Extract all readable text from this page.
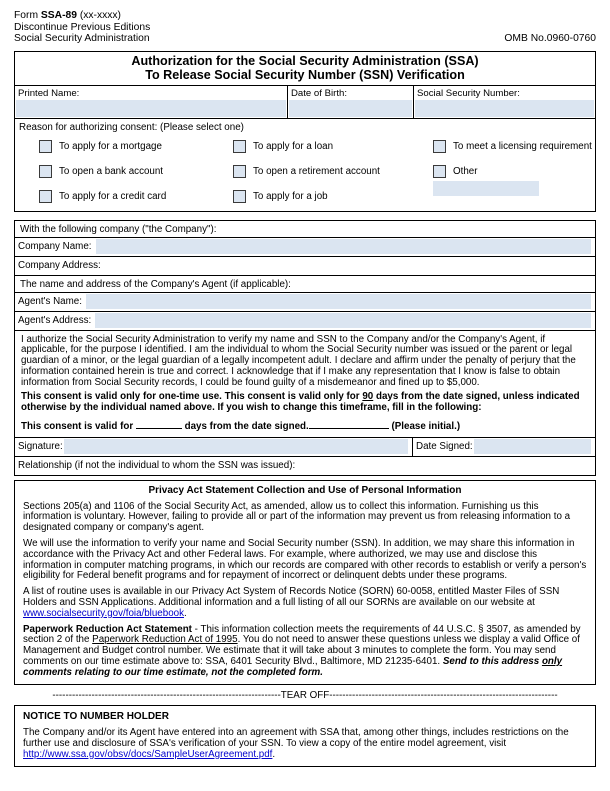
Form SSA-89 (xx-xxxx)
Discontinue Previous Editions
Social Security Administration	OMB No.0960-0760
Authorization for the Social Security Administration (SSA)
To Release Social Security Number (SSN) Verification
Printed Name:	Date of Birth:	Social Security Number:
Reason for authorizing consent: (Please select one)
To apply for a mortgage
To open a bank account
To apply for a credit card
To apply for a loan
To open a retirement account
To apply for a job
To meet a licensing requirement
Other
With the following company ("the Company"):
Company Name:
Company Address:
The name and address of the Company's Agent (if applicable):
Agent's Name:
Agent's Address:

I authorize the Social Security Administration to verify my name and SSN to the Company and/or the Company's Agent, if applicable, for the purpose I identified. I am the individual to whom the Social Security number was issued or the parent or legal guardian of a minor, or the legal guardian of a legally incompetent adult. I declare and affirm under the penalty of perjury that the information contained herein is true and correct. I acknowledge that if I make any representation that I know is false to obtain information from Social Security records, I could be found guilty of a misdemeanor and fined up to $5,000.

This consent is valid only for one-time use. This consent is valid only for 90 days from the date signed, unless indicated otherwise by the individual named above. If you wish to change this timeframe, fill in the following:

This consent is valid for	days from the date signed.	(Please initial.)
Signature:	Date Signed:
Relationship (if not the individual to whom the SSN was issued):
Privacy Act Statement Collection and Use of Personal Information

Sections 205(a) and 1106 of the Social Security Act, as amended, allow us to collect this information. Furnishing us this information is voluntary. However, failing to provide all or part of the information may prevent us from releasing information to a designated company or company's agent.

We will use the information to verify your name and Social Security number (SSN). In addition, we may share this information in accordance with the Privacy Act and other Federal laws. For example, where authorized, we may use and disclose this information in computer matching programs, in which our records are compared with other records to establish or verify a person's eligibility for Federal benefit programs and for repayment of incorrect or delinquent debts under these programs.

A list of routine uses is available in our Privacy Act System of Records Notice (SORN) 60-0058, entitled Master Files of SSN Holders and SSN Applications. Additional information and a full listing of all our SORNs are available on our website at www.socialsecurity.gov/foia/bluebook.

Paperwork Reduction Act Statement - This information collection meets the requirements of 44 U.S.C. § 3507, as amended by section 2 of the Paperwork Reduction Act of 1995. You do not need to answer these questions unless we display a valid Office of Management and Budget control number. We estimate that it will take about 3 minutes to complete the form. You may send comments on our time estimate above to: SSA, 6401 Security Blvd., Baltimore, MD 21235-6401. Send to this address only comments relating to our time estimate, not the completed form.

----------------------------------------------------------------------TEAR OFF----------------------------------------------------------------------
NOTICE TO NUMBER HOLDER
The Company and/or its Agent have entered into an agreement with SSA that, among other things, includes restrictions on the further use and disclosure of SSA's verification of your SSN. To view a copy of the entire model agreement, visit http://www.ssa.gov/obsv/docs/SampleUserAgreement.pdf.
